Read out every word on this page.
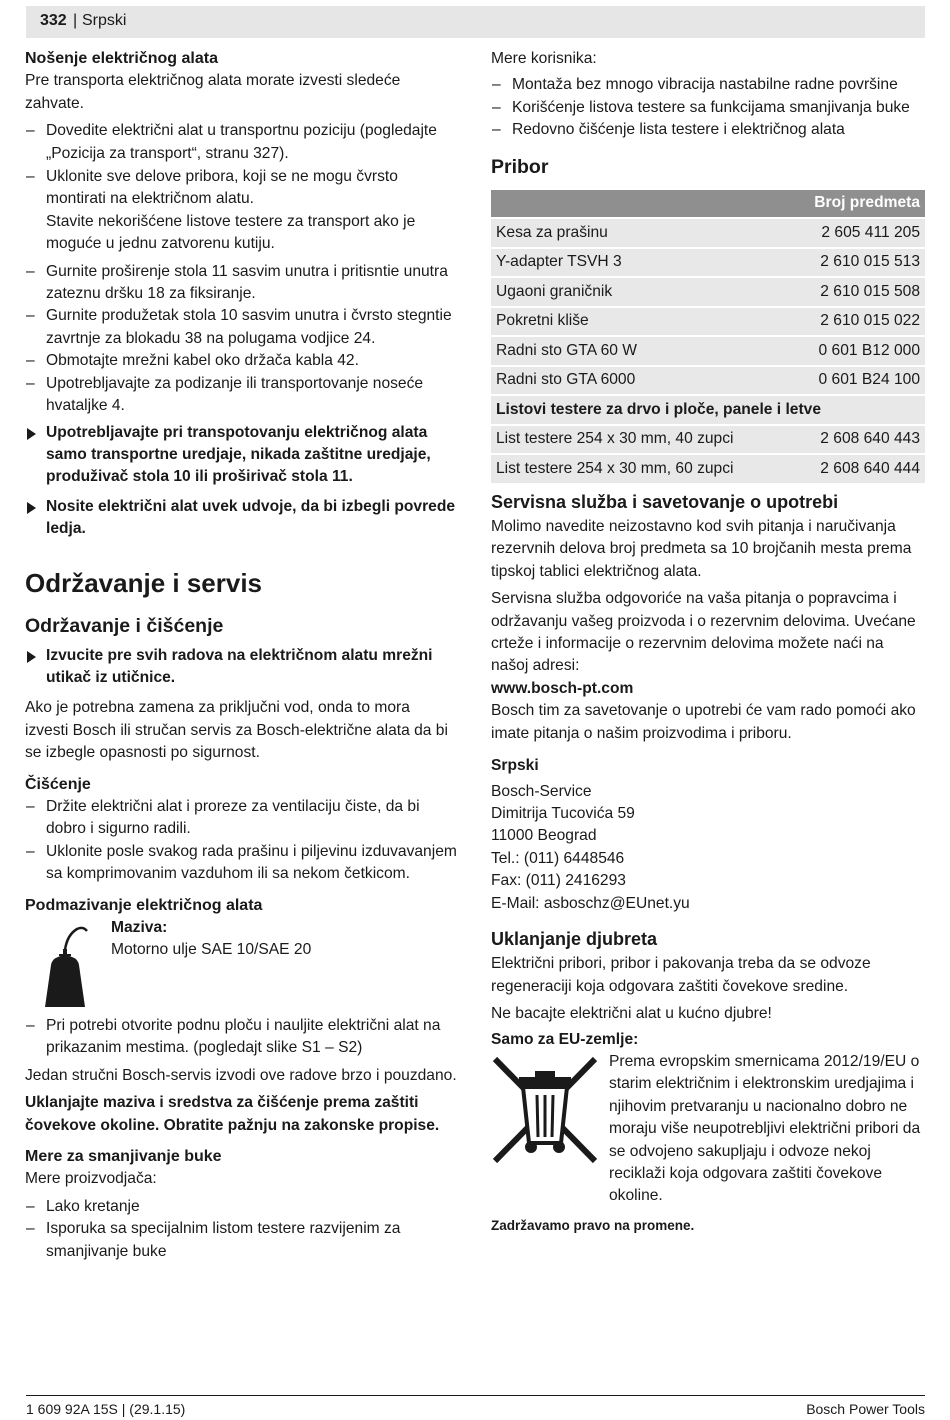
332 | Srpski

Nošenje električnog alata

Pre transporta električnog alata morate izvesti sledeće zahvate.

– Dovedite električni alat u transportnu poziciju (pogledajte „Pozicija za transport“, stranu 327).
– Uklonite sve delove pribora, koji se ne mogu čvrsto montirati na električnom alatu.

Stavite nekorišćene listove testere za transport ako je moguće u jednu zatvorenu kutiju.

– Gurnite proširenje stola 11 sasvim unutra i pritisntie unutra zateznu dršku 18 za fiksiranje.
– Gurnite produžetak stola 10 sasvim unutra i čvrsto stegntie zavrtnje za blokadu 38 na polugama vodjice 24.
– Obmotajte mrežni kabel oko držača kabla 42.
– Upotrebljavajte za podizanje ili transportovanje noseće hvataljke 4.
Upotrebljavajte pri transpotovanju električnog alata samo transportne uredjaje, nikada zaštitne uredjaje, produživač stola 10 ili proširivač stola 11.
Nosite električni alat uvek udvoje, da bi izbegli povrede ledja.

Održavanje i servis

Održavanje i čišćenje

Izvucite pre svih radova na električnom alatu mrežni utikač iz utičnice.

Ako je potrebna zamena za priključni vod, onda to mora izvesti Bosch ili stručan servis za Bosch-električne alata da bi se izbegle opasnosti po sigurnost.

Čišćenje

– Držite električni alat i proreze za ventilaciju čiste, da bi dobro i sigurno radili.
– Uklonite posle svakog rada prašinu i piljevinu izduvavanjem sa komprimovanim vazduhom ili sa nekom četkicom.

Podmazivanje električnog alata

Maziva:

Motorno ulje SAE 10/SAE 20

– Pri potrebi otvorite podnu ploču i nauljite električni alat na prikazanim mestima. (pogledajt slike S1 – S2)

Jedan stručni Bosch-servis izvodi ove radove brzo i pouzdano.

Uklanjajte maziva i sredstva za čišćenje prema zaštiti čovekove okoline. Obratite pažnju na zakonske propise.

Mere za smanjivanje buke

Mere proizvodjača:

– Lako kretanje
– Isporuka sa specijalnim listom testere razvijenim za smanjivanje buke

Mere korisnika:

– Montaža bez mnogo vibracija nastabilne radne površine
– Korišćenje listova testere sa funkcijama smanjivanja buke
– Redovno čišćenje lista testere i električnog alata

Pribor

Broj predmeta	
Kesa za prašinu	2 605 411 205
Y-adapter TSVH 3	2 610 015 513
Ugaoni graničnik	2 610 015 508
Pokretni kliše	2 610 015 022
Radni sto GTA 60 W	0 601 B12 000
Radni sto GTA 6000	0 601 B24 100
Listovi testere za drvo i ploče, panele i letve	
List testere 254 x 30 mm, 40 zupci	2 608 640 443
List testere 254 x 30 mm, 60 zupci	2 608 640 444

Servisna služba i savetovanje o upotrebi

Molimo navedite neizostavno kod svih pitanja i naručivanja rezervnih delova broj predmeta sa 10 brojčanih mesta prema tipskoj tablici električnog alata.

Servisna služba odgovoriće na vaša pitanja o popravcima i održavanju vašeg proizvoda i o rezervnim delovima. Uvećane crteže i informacije o rezervnim delovima možete naći na našoj adresi:

www.bosch-pt.com

Bosch tim za savetovanje o upotrebi će vam rado pomoći ako imate pitanja o našim proizvodima i priboru.

Srpski

Bosch-Service

Dimitrija Tucovića 59

11000 Beograd

Tel.: (011) 6448546

Fax: (011) 2416293

E-Mail: asboschz@EUnet.yu

Uklanjanje djubreta

Električni pribori, pribor i pakovanja treba da se odvoze regeneraciji koja odgovara zaštiti čovekove sredine.

Ne bacajte električni alat u kućno djubre!

Samo za EU-zemlje:

Prema evropskim smernicama 2012/19/EU o starim električnim i elektronskim uredjajima i njihovim pretvaranju u nacionalno dobro ne moraju više neupotrebljivi električni pribori da se odvojeno sakupljaju i odvoze nekoj reciklaži koja odgovara zaštiti čovekove okoline.

Zadržavamo pravo na promene.

1 609 92A 15S | (29.1.15)	Bosch Power Tools
